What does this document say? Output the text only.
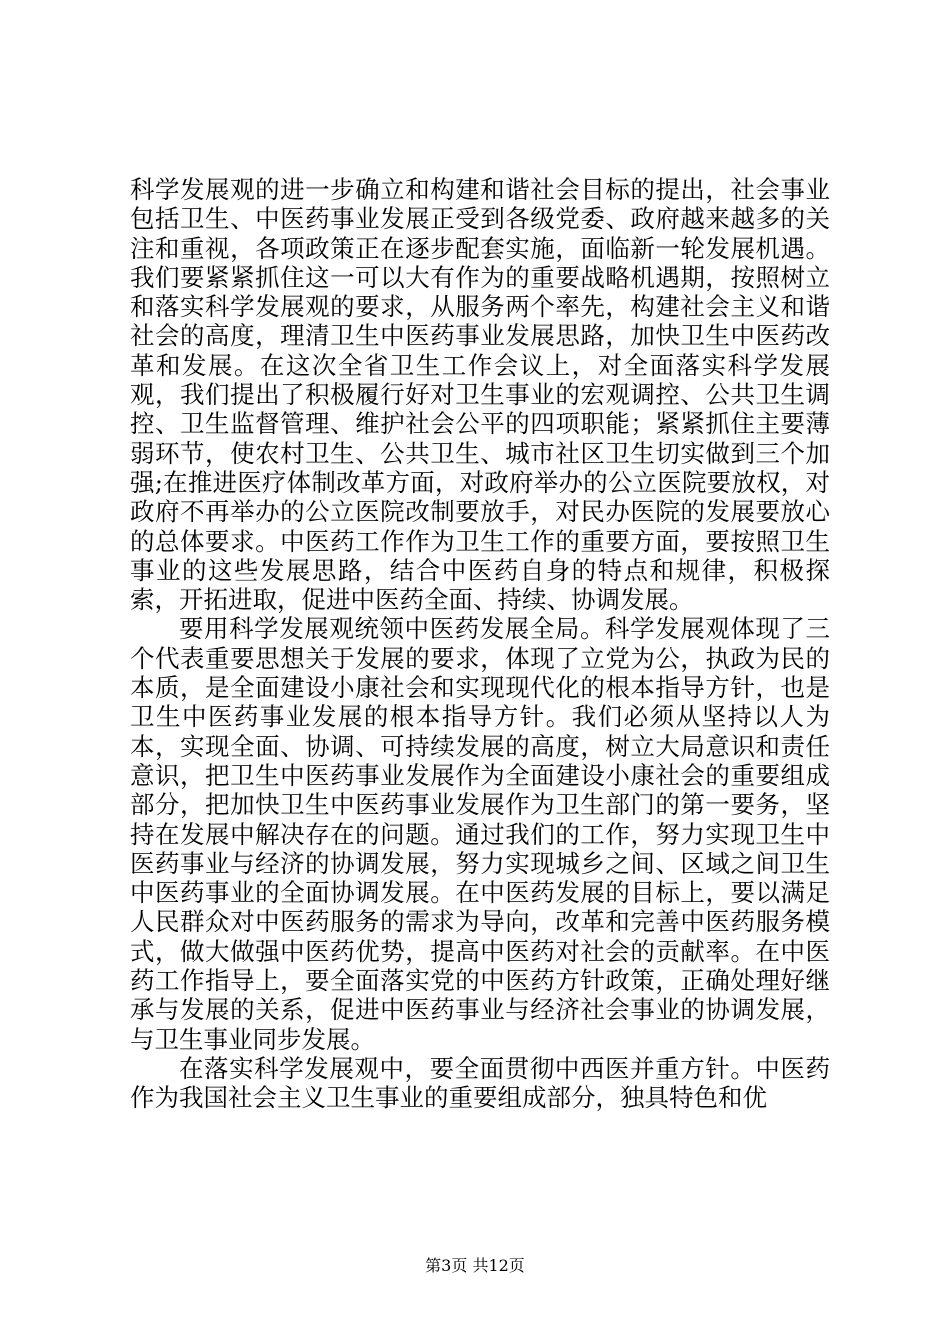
科学发展观的进一步确立和构建和谐社会目标的提出，社会事业包括卫生、中医药事业发展正受到各级党委、政府越来越多的关注和重视，各项政策正在逐步配套实施，面临新一轮发展机遇。我们要紧紧抓住这一可以大有作为的重要战略机遇期，按照树立和落实科学发展观的要求，从服务两个率先，构建社会主义和谐社会的高度，理清卫生中医药事业发展思路，加快卫生中医药改革和发展。在这次全省卫生工作会议上，对全面落实科学发展观，我们提出了积极履行好对卫生事业的宏观调控、公共卫生调控、卫生监督管理、维护社会公平的四项职能；紧紧抓住主要薄弱环节，使农村卫生、公共卫生、城市社区卫生切实做到三个加强;在推进医疗体制改革方面，对政府举办的公立医院要放权，对政府不再举办的公立医院改制要放手，对民办医院的发展要放心的总体要求。中医药工作作为卫生工作的重要方面，要按照卫生事业的这些发展思路，结合中医药自身的特点和规律，积极探索，开拓进取，促进中医药全面、持续、协调发展。

要用科学发展观统领中医药发展全局。科学发展观体现了三个代表重要思想关于发展的要求，体现了立党为公，执政为民的本质，是全面建设小康社会和实现现代化的根本指导方针，也是卫生中医药事业发展的根本指导方针。我们必须从坚持以人为本，实现全面、协调、可持续发展的高度，树立大局意识和责任意识，把卫生中医药事业发展作为全面建设小康社会的重要组成部分，把加快卫生中医药事业发展作为卫生部门的第一要务，坚持在发展中解决存在的问题。通过我们的工作，努力实现卫生中医药事业与经济的协调发展，努力实现城乡之间、区域之间卫生中医药事业的全面协调发展。在中医药发展的目标上，要以满足人民群众对中医药服务的需求为导向，改革和完善中医药服务模式，做大做强中医药优势，提高中医药对社会的贡献率。在中医药工作指导上，要全面落实党的中医药方针政策，正确处理好继承与发展的关系，促进中医药事业与经济社会事业的协调发展，与卫生事业同步发展。

在落实科学发展观中，要全面贯彻中西医并重方针。中医药作为我国社会主义卫生事业的重要组成部分，独具特色和优

第3页 共12页
